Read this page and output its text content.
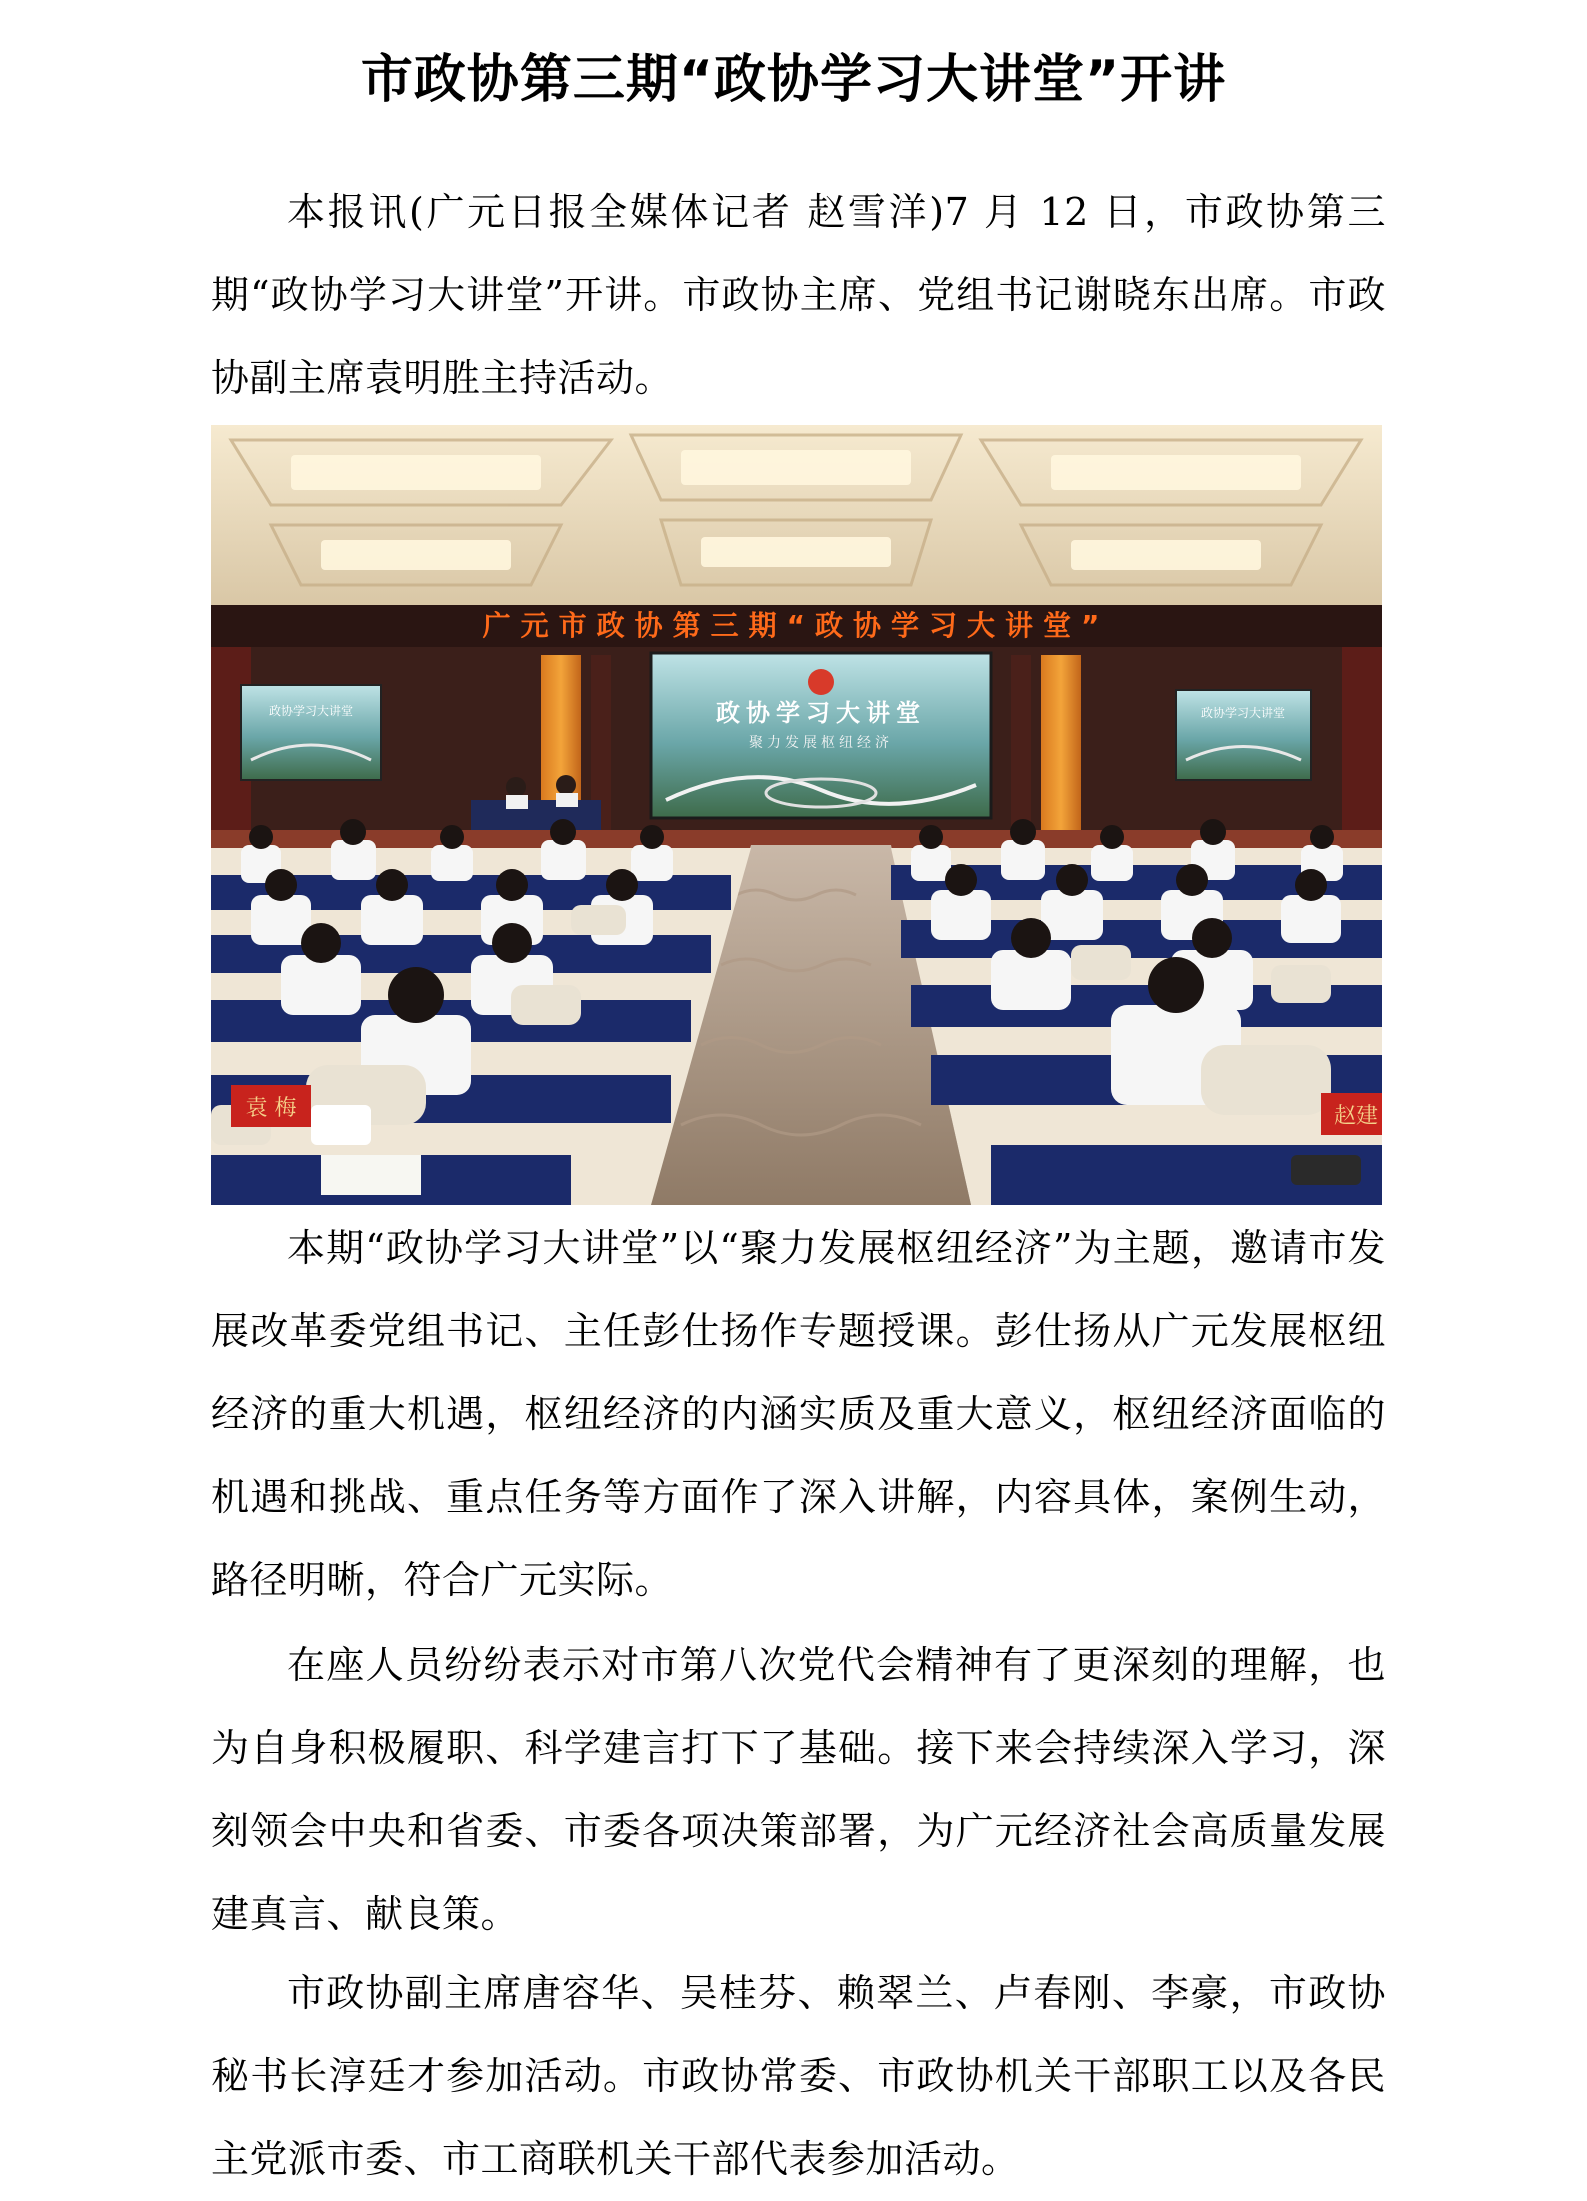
市政协第三期“政协学习大讲堂”开讲

本报讯(广元日报全媒体记者 赵雪洋)7 月 12 日，市政协第三期“政协学习大讲堂”开讲。市政协主席、党组书记谢晓东出席。市政协副主席袁明胜主持活动。

广元市政协第三期“政协学习大讲堂”
政协学习大讲堂	政协学习大讲堂
政协学习大讲堂
聚力发展枢纽经济
袁 梅	赵建

本期“政协学习大讲堂”以“聚力发展枢纽经济”为主题，邀请市发展改革委党组书记、主任彭仕扬作专题授课。彭仕扬从广元发展枢纽经济的重大机遇，枢纽经济的内涵实质及重大意义，枢纽经济面临的机遇和挑战、重点任务等方面作了深入讲解，内容具体，案例生动，路径明晰，符合广元实际。

在座人员纷纷表示对市第八次党代会精神有了更深刻的理解，也为自身积极履职、科学建言打下了基础。接下来会持续深入学习，深刻领会中央和省委、市委各项决策部署，为广元经济社会高质量发展建真言、献良策。

市政协副主席唐容华、吴桂芬、赖翠兰、卢春刚、李豪，市政协秘书长淳廷才参加活动。市政协常委、市政协机关干部职工以及各民主党派市委、市工商联机关干部代表参加活动。
